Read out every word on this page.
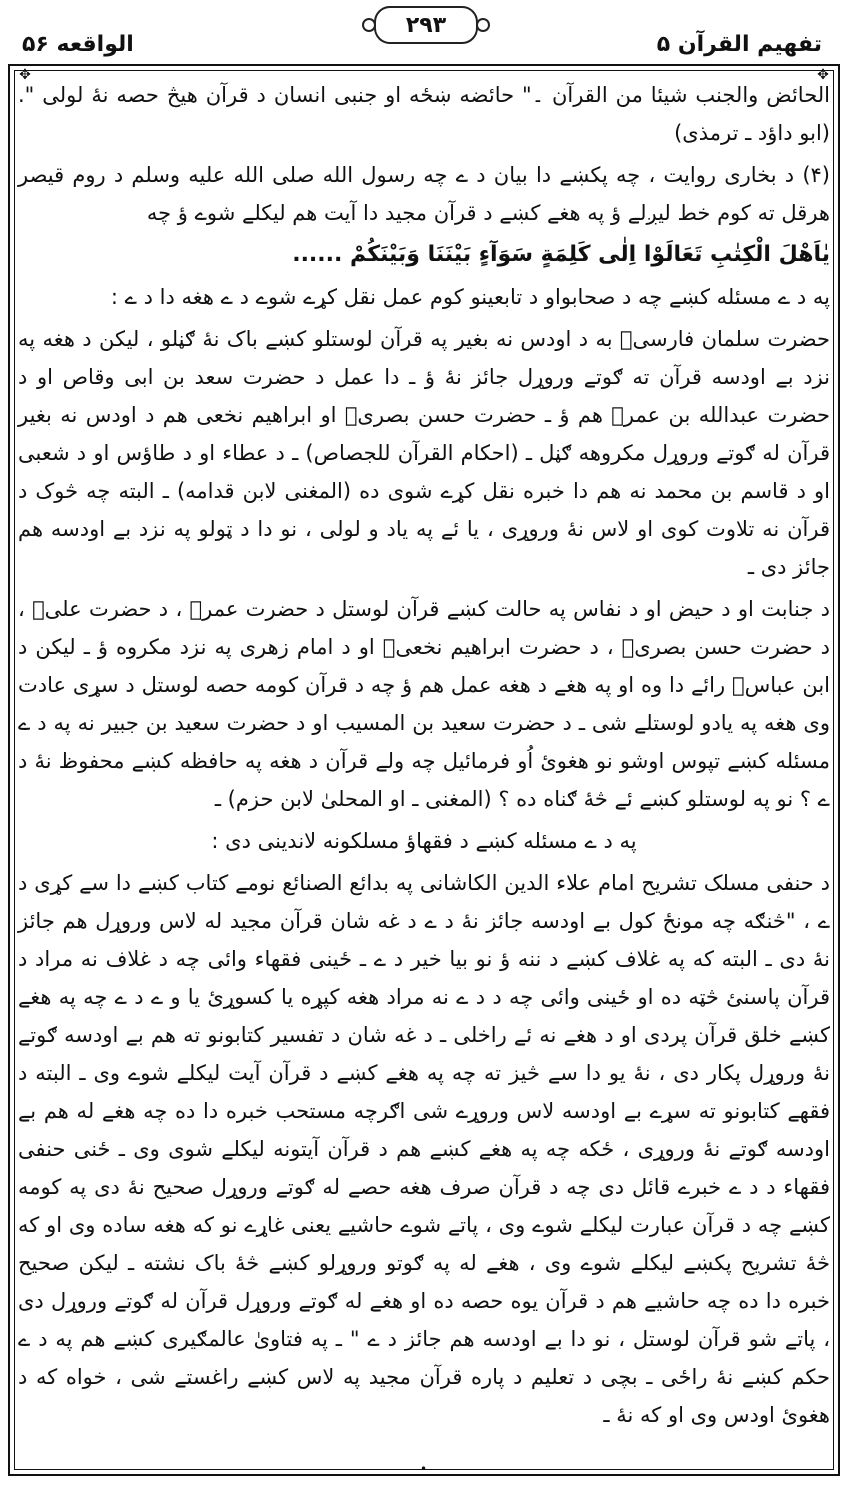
۲۹۳
تفهیم القرآن ۵
الواقعه ۵۶
✥	✥

الحائض والجنب شیئا من القرآن ۔" حائضه ښځه او جنبی انسان د قرآن هیڅ حصه نهٔ لولی ". (ابو داؤد ـ ترمذی)

(۴) د بخاری روایت ، چه پکښے دا بیان د ے چه رسول الله صلی الله علیه وسلم د روم قیصر هرقل ته کوم خط لیږلے ؤ په هغے کښے د قرآن مجید دا آیت هم لیکلے شوے ؤ چه

یٰاَهْلَ الْکِتٰبِ تَعَالَوْا اِلٰی کَلِمَةٍ سَوَآءٍ بَیْنَنَا وَبَیْنَکُمْ ......

په د ے مسئله کښے چه د صحابواو د تابعینو کوم عمل نقل کړے شوے د ے هغه دا د ے :

حضرت سلمان فارسیؓ به د اودس نه بغیر په قرآن لوستلو کښے باک نهٔ ګڼلو ، لیکن د هغه په نزد بے اودسه قرآن ته ګوتے وروړل جائز نهٔ ؤ ـ دا عمل د حضرت سعد بن ابی وقاص او د حضرت عبدالله بن عمرؓ هم ؤ ـ حضرت حسن بصریؒ او ابراهیم نخعی هم د اودس نه بغیر قرآن له ګوتے وروړل مکروهه ګڼل ـ (احکام القرآن للجصاص) ـ د عطاء او د طاؤس او د شعبی او د قاسم بن محمد نه هم دا خبره نقل کړے شوی ده (المغنی لابن قدامه) ـ البته چه څوک د قرآن نه تلاوت کوی او لاس نهٔ وروړی ، یا ئے په یاد و لولی ، نو دا د ټولو په نزد بے اودسه هم جائز دی ـ

د جنابت او د حیض او د نفاس په حالت کښے قرآن لوستل د حضرت عمرؓ ، د حضرت علیؓ ، د حضرت حسن بصریؒ ، د حضرت ابراهیم نخعیؒ او د امام زهری په نزد مکروه ؤ ـ لیکن د ابن عباسؓ رائے دا وه او په هغے د هغه عمل هم ؤ چه د قرآن کومه حصه لوستل د سړی عادت وی هغه په یادو لوستلے شی ـ د حضرت سعید بن المسیب او د حضرت سعید بن جبیر نه په د ے مسئله کښے تپوس اوشو نو هغوئ اُو فرمائیل چه ولے قرآن د هغه په حافظه کښے محفوظ نهٔ د ے ؟ نو په لوستلو کښے ئے څهٔ ګناه ده ؟ (المغنی ـ او المحلیٰ لابن حزم) ـ

په د ے مسئله کښے د فقهاؤ مسلکونه لاندینی دی :

د حنفی مسلک تشریح امام علاء الدین الکاشانی په بدائع الصنائع نومے کتاب کښے دا سے کړی د ے ، "څنګه چه مونځ کول بے اودسه جائز نهٔ د ے د غه شان قرآن مجید له لاس وروړل هم جائز نهٔ دی ـ البته که په غلاف کښے د ننه ؤ نو بیا خیر د ے ـ ځینی فقهاء وائی چه د غلاف نه مراد د قرآن پاسنئ څټه ده او ځینی وائی چه د د ے نه مراد هغه کپړه یا کسوړئ یا و ے د ے چه په هغے کښے خلق قرآن پردی او د هغے نه ئے راخلی ـ د غه شان د تفسیر کتابونو ته هم بے اودسه ګوتے نهٔ وروړل پکار دی ، نهٔ یو دا سے څیز ته چه په هغے کښے د قرآن آیت لیکلے شوے وی ـ البته د فقهے کتابونو ته سړے بے اودسه لاس وروړے شی اګرچه مستحب خبره دا ده چه هغے له هم بے اودسه ګوتے نهٔ وروړی ، ځکه چه په هغے کښے هم د قرآن آیتونه لیکلے شوی وی ـ ځنی حنفی فقهاء د د ے خبرے قائل دی چه د قرآن صرف هغه حصے له ګوتے وروړل صحیح نهٔ دی په کومه کښے چه د قرآن عبارت لیکلے شوے وی ، پاتے شوے حاشیے یعنی غاړے نو که هغه ساده وی او که څهٔ تشریح پکښے لیکلے شوے وی ، هغے له په ګوتو وروړلو کښے څهٔ باک نشته ـ لیکن صحیح خبره دا ده چه حاشیے هم د قرآن یوه حصه ده او هغے له ګوتے وروړل قرآن له ګوتے وروړل دی ، پاتے شو قرآن لوستل ، نو دا بے اودسه هم جائز د ے " ـ په فتاویٰ عالمګیری کښے هم په د ے حکم کښے نهٔ راځی ـ بچی د تعلیم د پاره قرآن مجید په لاس کښے راغستے شی ، خواه که د هغوئ اودس وی او که نهٔ ـ

•
